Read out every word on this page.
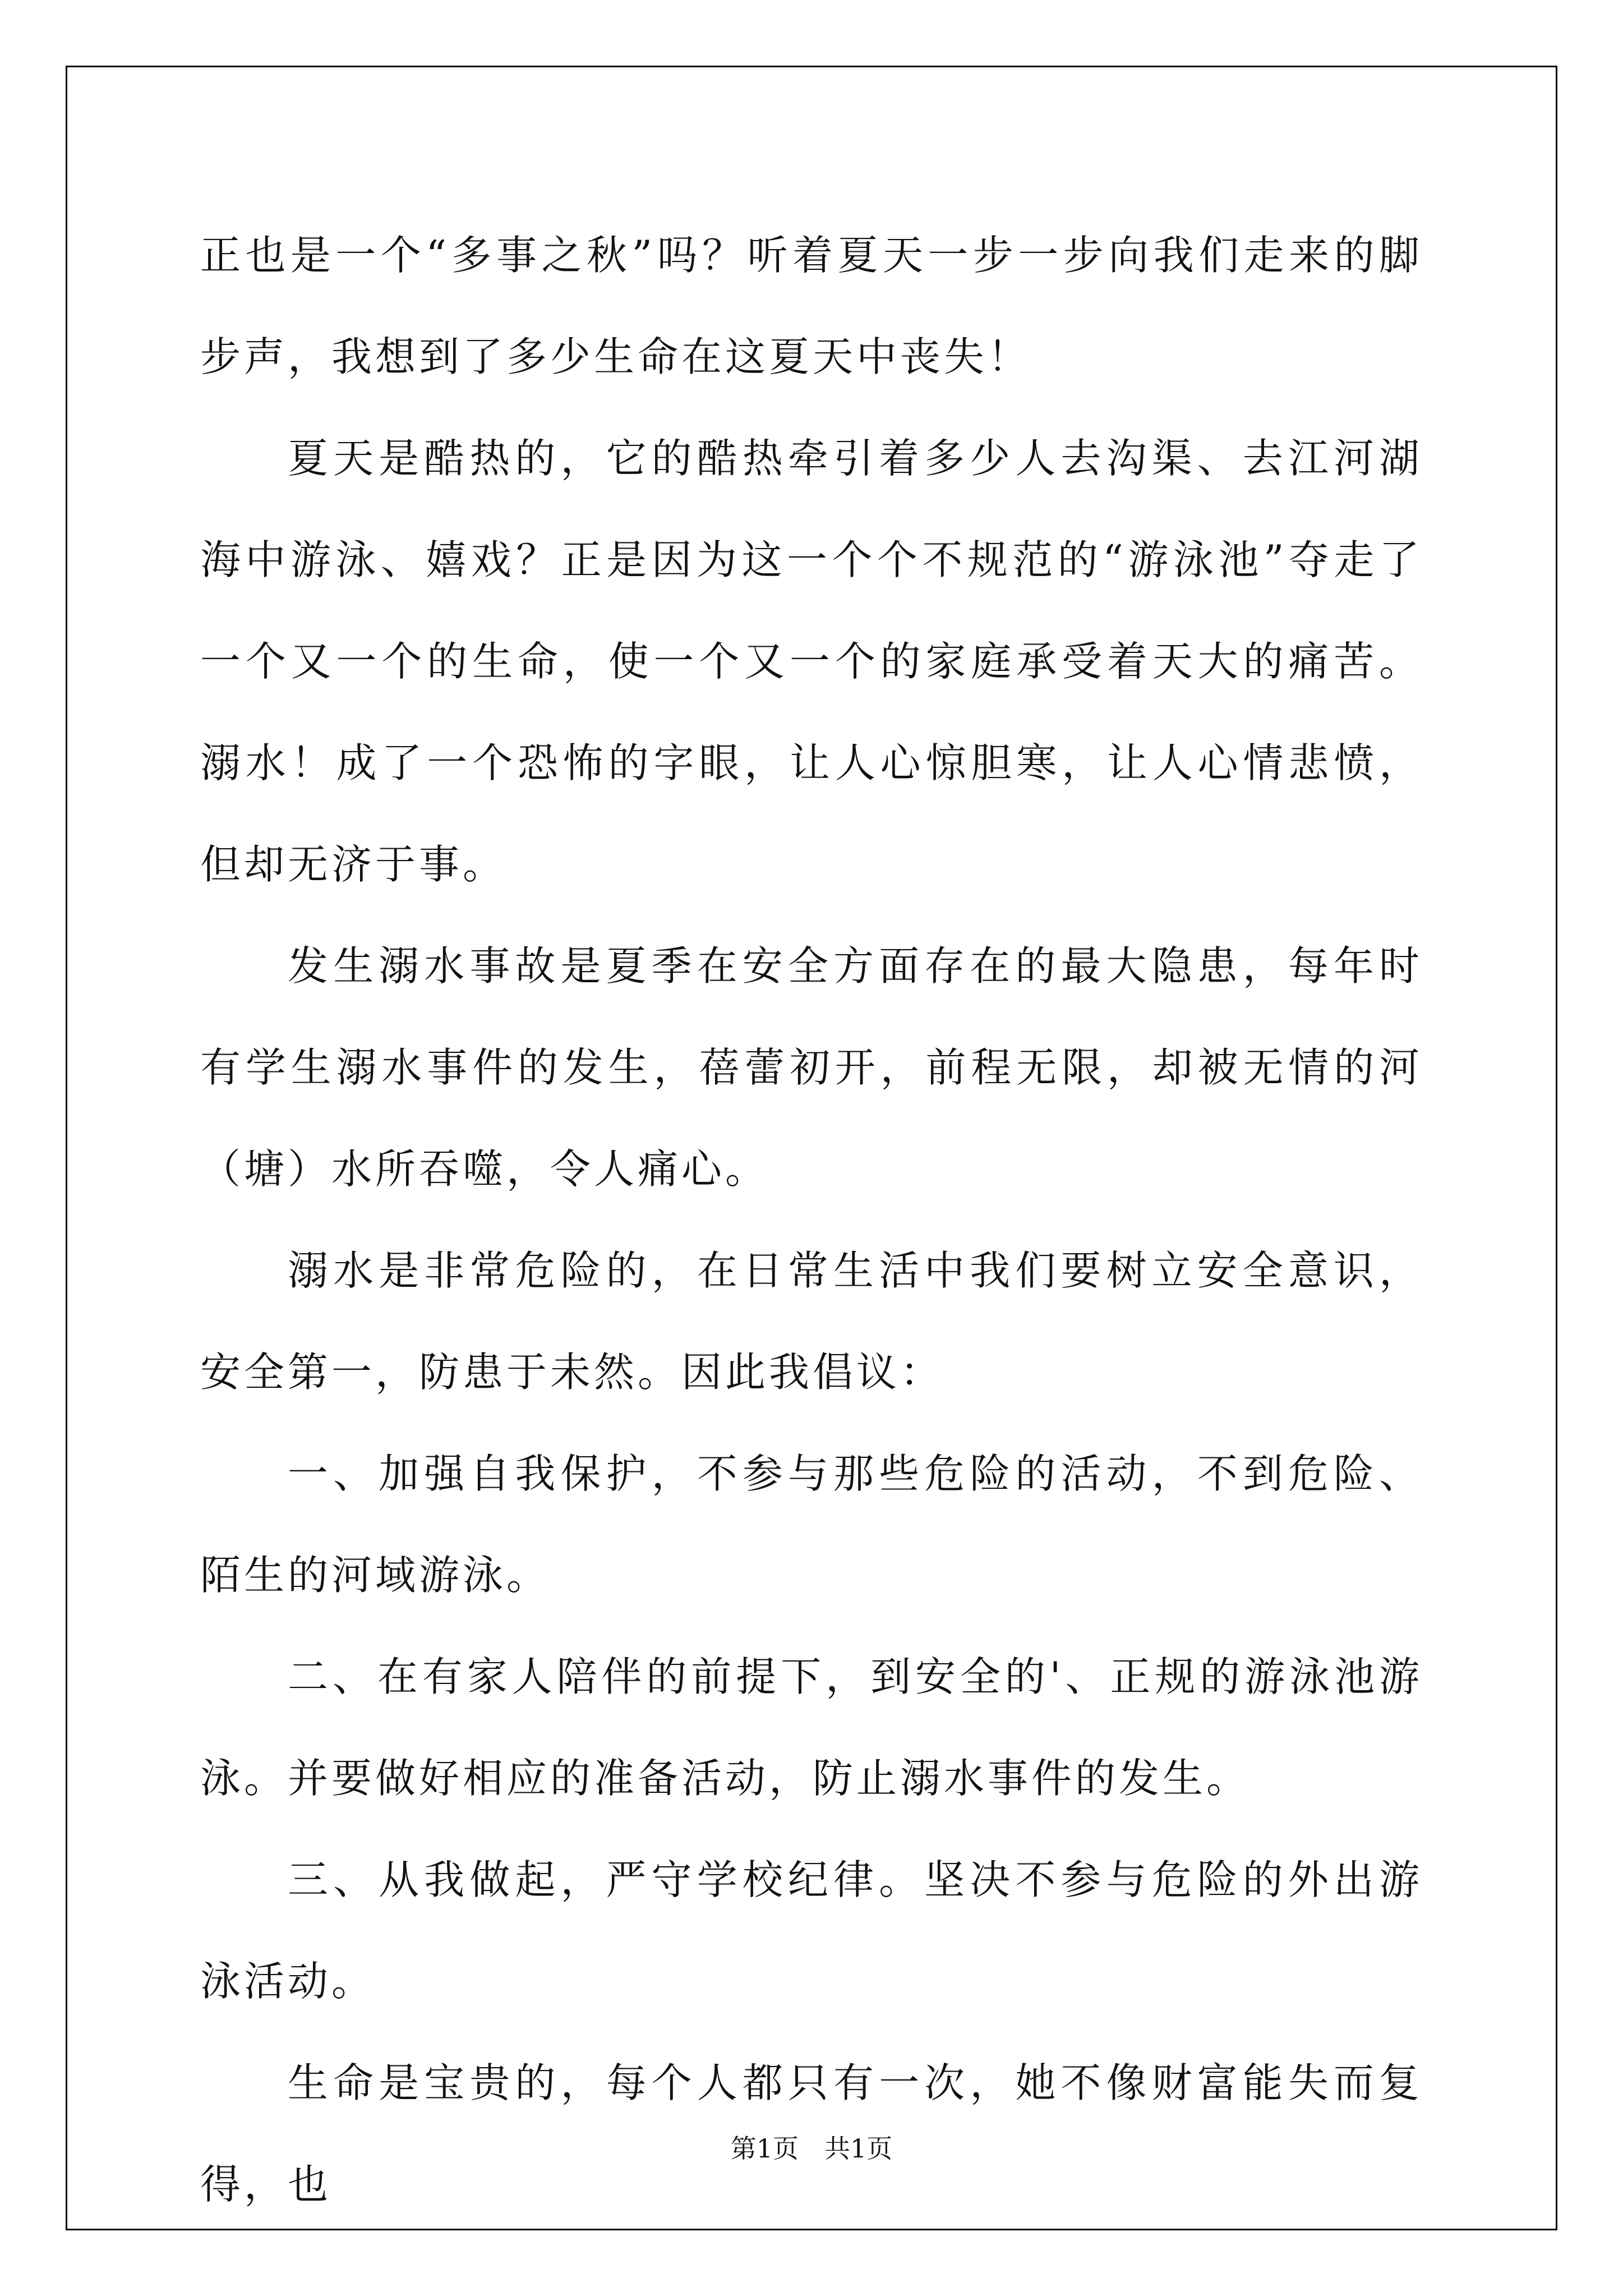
正也是一个“多事之秋”吗？听着夏天一步一步向我们走来的脚步声，我想到了多少生命在这夏天中丧失！

夏天是酷热的，它的酷热牵引着多少人去沟渠、去江河湖海中游泳、嬉戏？正是因为这一个个不规范的“游泳池”夺走了一个又一个的生命，使一个又一个的家庭承受着天大的痛苦。溺水！成了一个恐怖的字眼，让人心惊胆寒，让人心情悲愤，但却无济于事。

发生溺水事故是夏季在安全方面存在的最大隐患，每年时有学生溺水事件的发生，蓓蕾初开，前程无限，却被无情的河（塘）水所吞噬，令人痛心。

溺水是非常危险的，在日常生活中我们要树立安全意识，安全第一，防患于未然。因此我倡议：

一、加强自我保护，不参与那些危险的活动，不到危险、陌生的河域游泳。

二、在有家人陪伴的前提下，到安全的'、正规的游泳池游泳。并要做好相应的准备活动，防止溺水事件的发生。

三、从我做起，严守学校纪律。坚决不参与危险的外出游泳活动。

生命是宝贵的，每个人都只有一次，她不像财富能失而复得，也

第1页　共1页
